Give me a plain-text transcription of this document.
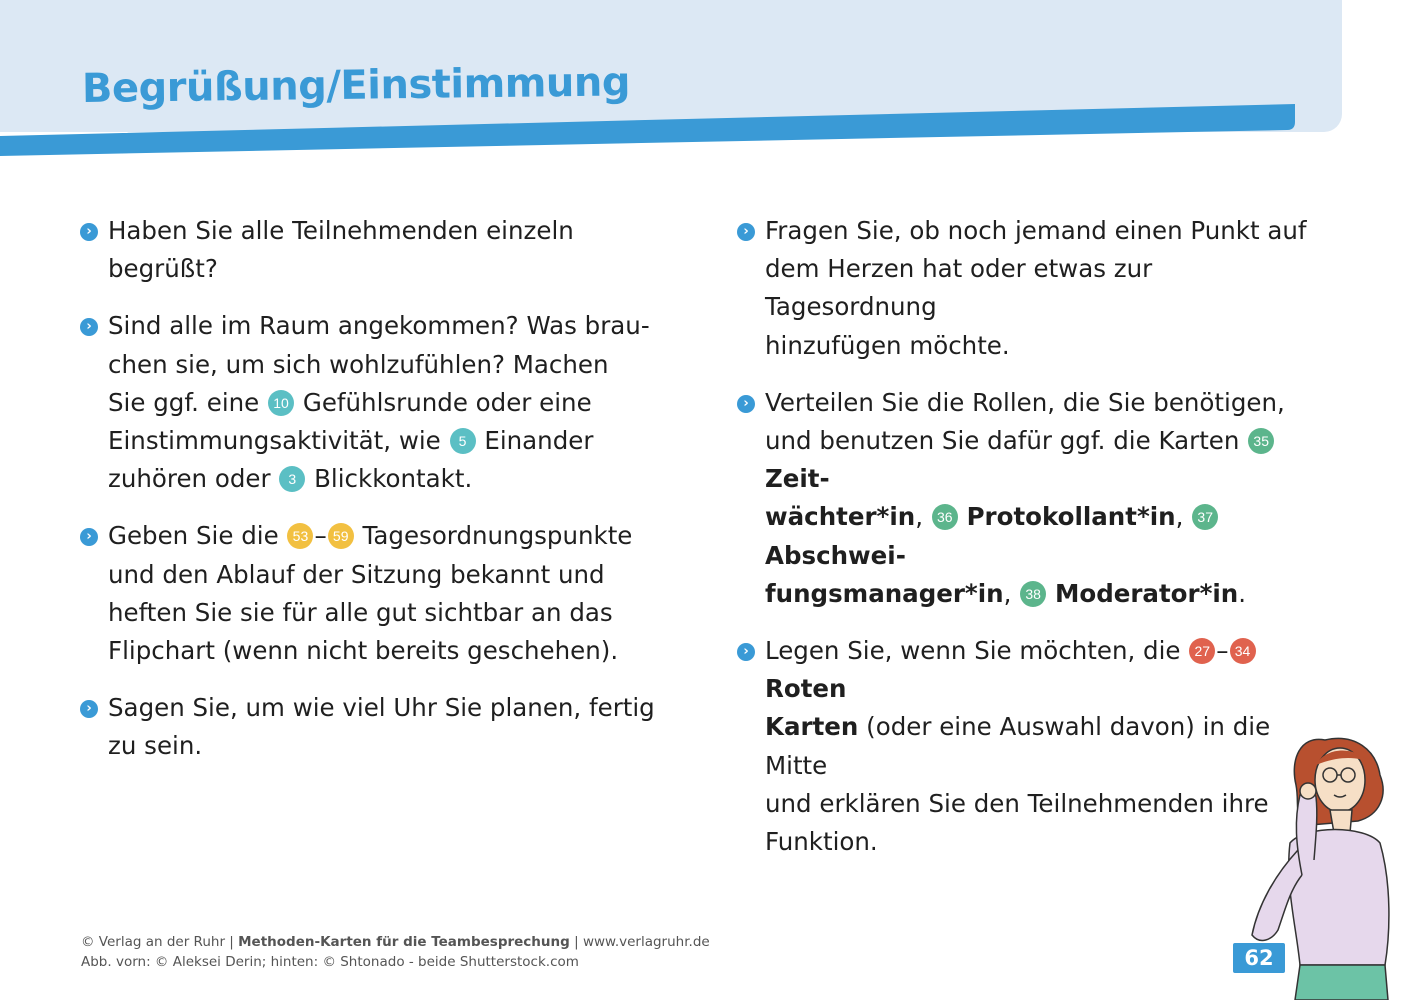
Begrüßung/Einstimmung
› Haben Sie alle Teilnehmenden einzeln
begrüßt?
› Sind alle im Raum angekommen? Was brau-
chen sie, um sich wohlzufühlen? Machen
Sie ggf. eine 10 Gefühlsrunde oder eine
Einstimmungsaktivität, wie 5 Einander
zuhören oder 3 Blickkontakt.
› Geben Sie die 53 – 59 Tagesordnungspunkte
und den Ablauf der Sitzung bekannt und
heften Sie sie für alle gut sichtbar an das
Flipchart (wenn nicht bereits geschehen).
› Sagen Sie, um wie viel Uhr Sie planen, fertig
zu sein.
› Fragen Sie, ob noch jemand einen Punkt auf
dem Herzen hat oder etwas zur Tagesordnung
hinzufügen möchte.
› Verteilen Sie die Rollen, die Sie benötigen,
und benutzen Sie dafür ggf. die Karten 35 Zeit-
wächter*in, 36 Protokollant*in, 37 Abschwei-
fungsmanager*in, 38 Moderator*in.
› Legen Sie, wenn Sie möchten, die 27 – 34 Roten
Karten (oder eine Auswahl davon) in die Mitte
und erklären Sie den Teilnehmenden ihre
Funktion.
© Verlag an der Ruhr | Methoden-Karten für die Teambesprechung | www.verlagruhr.de
Abb. vorn: © Aleksei Derin; hinten: © Shtonado - beide Shutterstock.com	62
